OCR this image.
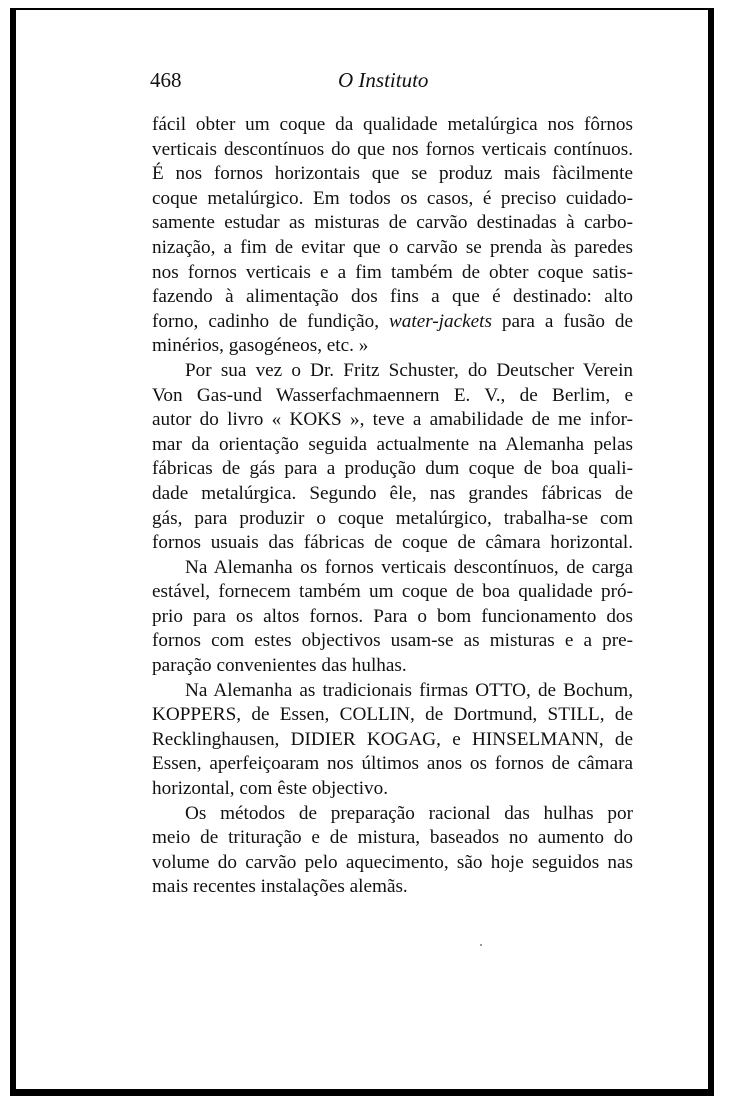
468	O Instituto
fácil obter um coque da qualidade metalúrgica nos fôrnos
verticais descontínuos do que nos fornos verticais contínuos.
É nos fornos horizontais que se produz mais fàcilmente
coque metalúrgico. Em todos os casos, é preciso cuidado-
samente estudar as misturas de carvão destinadas à carbo-
nização, a fim de evitar que o carvão se prenda às paredes
nos fornos verticais e a fim também de obter coque satis-
fazendo à alimentação dos fins a que é destinado: alto
forno, cadinho de fundição, water-jackets para a fusão de
minérios, gasogéneos, etc. »
Por sua vez o Dr. Fritz Schuster, do Deutscher Verein
Von Gas-und Wasserfachmaennern E. V., de Berlim, e
autor do livro « KOKS », teve a amabilidade de me infor-
mar da orientação seguida actualmente na Alemanha pelas
fábricas de gás para a produção dum coque de boa quali-
dade metalúrgica. Segundo êle, nas grandes fábricas de
gás, para produzir o coque metalúrgico, trabalha-se com
fornos usuais das fábricas de coque de câmara horizontal.
Na Alemanha os fornos verticais descontínuos, de carga
estável, fornecem também um coque de boa qualidade pró-
prio para os altos fornos. Para o bom funcionamento dos
fornos com estes objectivos usam-se as misturas e a pre-
paração convenientes das hulhas.
Na Alemanha as tradicionais firmas OTTO, de Bochum,
KOPPERS, de Essen, COLLIN, de Dortmund, STILL, de
Recklinghausen, DIDIER KOGAG, e HINSELMANN, de
Essen, aperfeiçoaram nos últimos anos os fornos de câmara
horizontal, com êste objectivo.
Os métodos de preparação racional das hulhas por
meio de trituração e de mistura, baseados no aumento do
volume do carvão pelo aquecimento, são hoje seguidos nas
mais recentes instalações alemãs.
